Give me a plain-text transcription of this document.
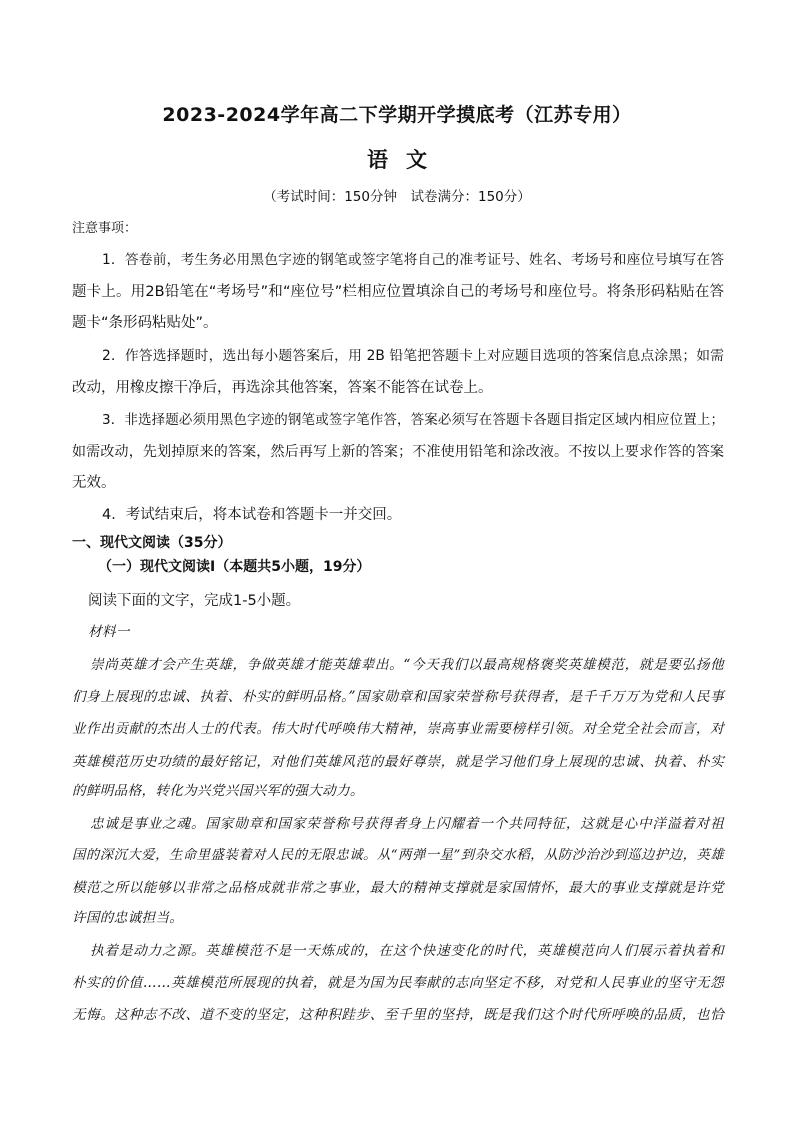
2023-2024学年高二下学期开学摸底考（江苏专用）
语文
（考试时间：150分钟　试卷满分：150分）
注意事项：
1．答卷前，考生务必用黑色字迹的钢笔或签字笔将自己的准考证号、姓名、考场号和座位号填写在答
题卡上。用2B铅笔在“考场号”和“座位号”栏相应位置填涂自己的考场号和座位号。将条形码粘贴在答
题卡“条形码粘贴处”。
2．作答选择题时，选出每小题答案后，用 2B 铅笔把答题卡上对应题目选项的答案信息点涂黑；如需
改动，用橡皮擦干净后，再选涂其他答案，答案不能答在试卷上。
3．非选择题必须用黑色字迹的钢笔或签字笔作答，答案必须写在答题卡各题目指定区域内相应位置上；
如需改动，先划掉原来的答案，然后再写上新的答案；不准使用铅笔和涂改液。不按以上要求作答的答案
无效。
4．考试结束后，将本试卷和答题卡一并交回。
一、现代文阅读（35分）
（一）现代文阅读Ⅰ（本题共5小题，19分）
阅读下面的文字，完成1-5小题。
材料一
崇尚英雄才会产生英雄，争做英雄才能英雄辈出。“今天我们以最高规格褒奖英雄模范，就是要弘扬他
们身上展现的忠诚、执着、朴实的鲜明品格。”国家勋章和国家荣誉称号获得者，是千千万万为党和人民事
业作出贡献的杰出人士的代表。伟大时代呼唤伟大精神，崇高事业需要榜样引领。对全党全社会而言，对
英雄模范历史功绩的最好铭记，对他们英雄风范的最好尊崇，就是学习他们身上展现的忠诚、执着、朴实
的鲜明品格，转化为兴党兴国兴军的强大动力。
忠诚是事业之魂。国家勋章和国家荣誉称号获得者身上闪耀着一个共同特征，这就是心中洋溢着对祖
国的深沉大爱，生命里盛装着对人民的无限忠诚。从“两弹一星”到杂交水稻，从防沙治沙到巡边护边，英雄
模范之所以能够以非常之品格成就非常之事业，最大的精神支撑就是家国情怀，最大的事业支撑就是许党
许国的忠诚担当。
执着是动力之源。英雄模范不是一天炼成的，在这个快速变化的时代，英雄模范向人们展示着执着和
朴实的价值……英雄模范所展现的执着，就是为国为民奉献的志向坚定不移，对党和人民事业的坚守无怨
无悔。这种志不改、道不变的坚定，这种积跬步、至千里的坚持，既是我们这个时代所呼唤的品质，也恰
